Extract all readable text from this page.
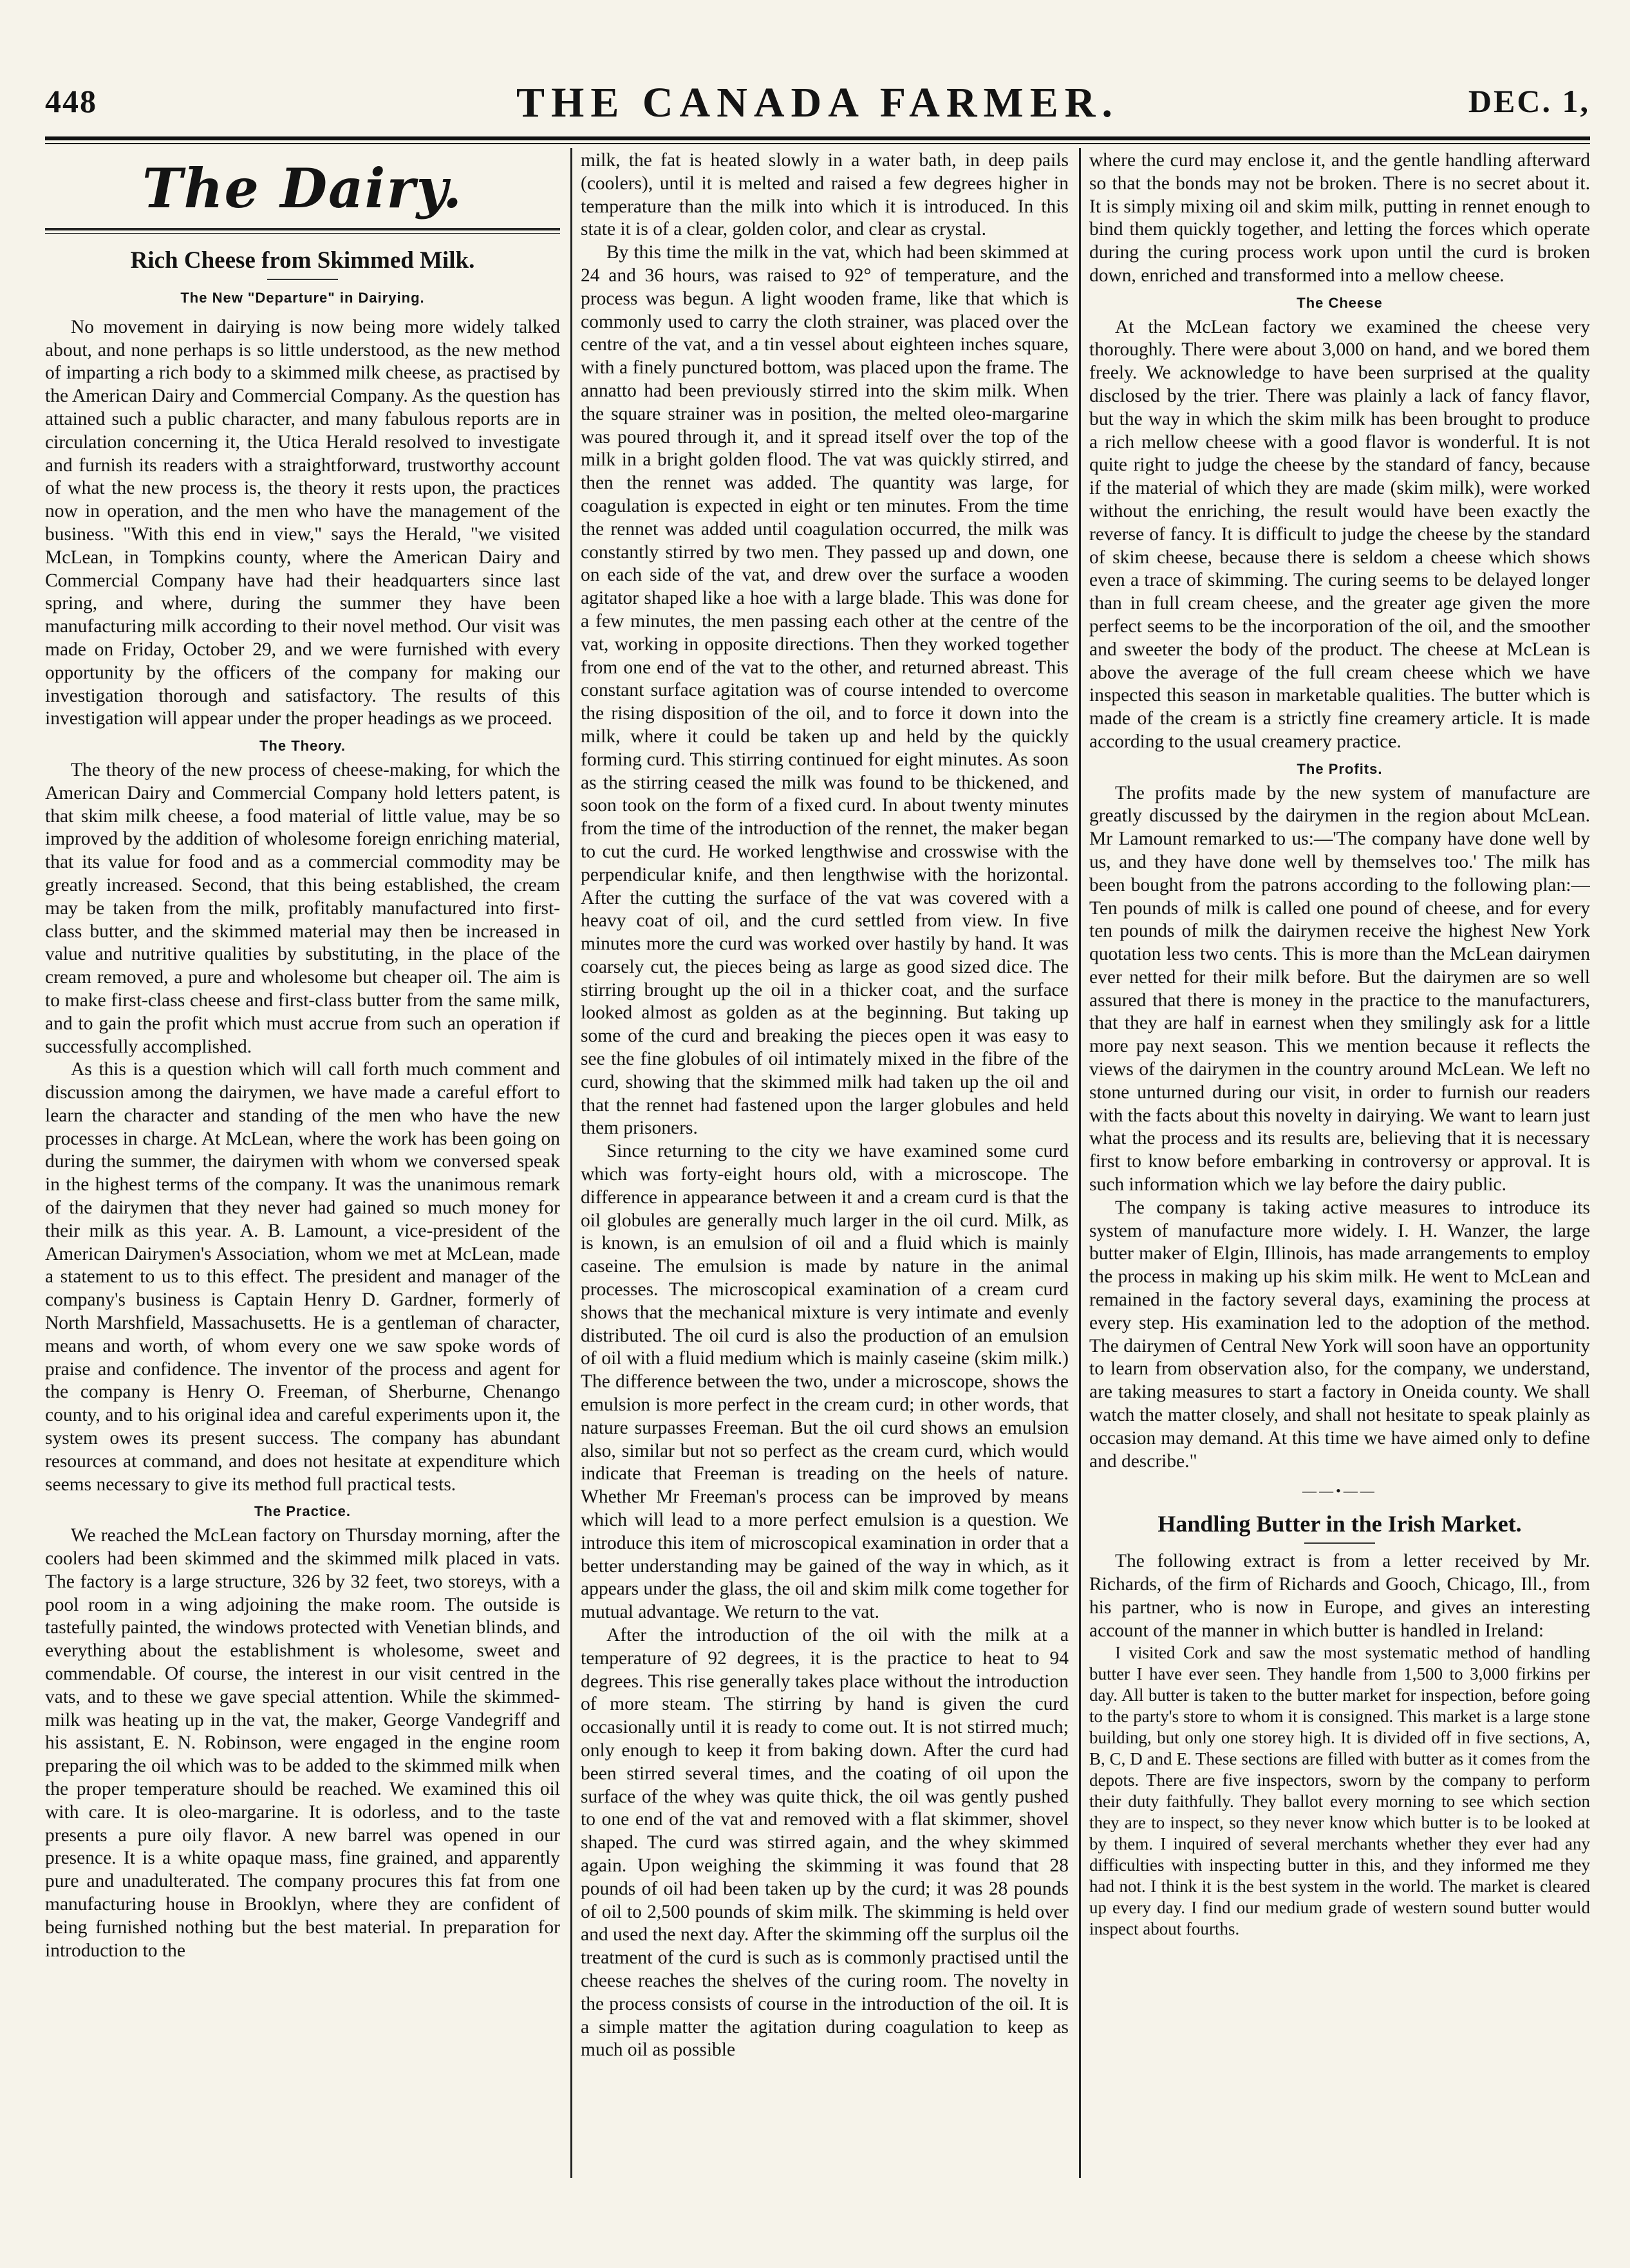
448	THE CANADA FARMER.	DEC. 1,
The Dairy.
Rich Cheese from Skimmed Milk.
The New "Departure" in Dairying.

No movement in dairying is now being more widely talked about, and none perhaps is so little understood, as the new method of imparting a rich body to a skimmed milk cheese, as practised by the American Dairy and Commercial Company. As the question has attained such a public character, and many fabulous reports are in circulation concerning it, the Utica Herald resolved to investigate and furnish its readers with a straightforward, trustworthy account of what the new process is, the theory it rests upon, the practices now in operation, and the men who have the management of the business. "With this end in view," says the Herald, "we visited McLean, in Tompkins county, where the American Dairy and Commercial Company have had their headquarters since last spring, and where, during the summer they have been manufacturing milk according to their novel method. Our visit was made on Friday, October 29, and we were furnished with every opportunity by the officers of the company for making our investigation thorough and satisfactory. The results of this investigation will appear under the proper headings as we proceed.

The Theory.

The theory of the new process of cheese-making, for which the American Dairy and Commercial Company hold letters patent, is that skim milk cheese, a food material of little value, may be so improved by the addition of wholesome foreign enriching material, that its value for food and as a commercial commodity may be greatly increased. Second, that this being established, the cream may be taken from the milk, profitably manufactured into first-class butter, and the skimmed material may then be increased in value and nutritive qualities by substituting, in the place of the cream removed, a pure and wholesome but cheaper oil. The aim is to make first-class cheese and first-class butter from the same milk, and to gain the profit which must accrue from such an operation if successfully accomplished.

As this is a question which will call forth much comment and discussion among the dairymen, we have made a careful effort to learn the character and standing of the men who have the new processes in charge. At McLean, where the work has been going on during the summer, the dairymen with whom we conversed speak in the highest terms of the company. It was the unanimous remark of the dairymen that they never had gained so much money for their milk as this year. A. B. Lamount, a vice-president of the American Dairymen's Association, whom we met at McLean, made a statement to us to this effect. The president and manager of the company's business is Captain Henry D. Gardner, formerly of North Marshfield, Massachusetts. He is a gentleman of character, means and worth, of whom every one we saw spoke words of praise and confidence. The inventor of the process and agent for the company is Henry O. Freeman, of Sherburne, Chenango county, and to his original idea and careful experiments upon it, the system owes its present success. The company has abundant resources at command, and does not hesitate at expenditure which seems necessary to give its method full practical tests.

The Practice.

We reached the McLean factory on Thursday morning, after the coolers had been skimmed and the skimmed milk placed in vats. The factory is a large structure, 326 by 32 feet, two storeys, with a pool room in a wing adjoining the make room. The outside is tastefully painted, the windows protected with Venetian blinds, and everything about the establishment is wholesome, sweet and commendable. Of course, the interest in our visit centred in the vats, and to these we gave special attention. While the skimmed-milk was heating up in the vat, the maker, George Vandegriff and his assistant, E. N. Robinson, were engaged in the engine room preparing the oil which was to be added to the skimmed milk when the proper temperature should be reached. We examined this oil with care. It is oleo-margarine. It is odorless, and to the taste presents a pure oily flavor. A new barrel was opened in our presence. It is a white opaque mass, fine grained, and apparently pure and unadulterated. The company procures this fat from one manufacturing house in Brooklyn, where they are confident of being furnished nothing but the best material. In preparation for introduction to the

milk, the fat is heated slowly in a water bath, in deep pails (coolers), until it is melted and raised a few degrees higher in temperature than the milk into which it is introduced. In this state it is of a clear, golden color, and clear as crystal.

By this time the milk in the vat, which had been skimmed at 24 and 36 hours, was raised to 92° of temperature, and the process was begun. A light wooden frame, like that which is commonly used to carry the cloth strainer, was placed over the centre of the vat, and a tin vessel about eighteen inches square, with a finely punctured bottom, was placed upon the frame. The annatto had been previously stirred into the skim milk. When the square strainer was in position, the melted oleo-margarine was poured through it, and it spread itself over the top of the milk in a bright golden flood. The vat was quickly stirred, and then the rennet was added. The quantity was large, for coagulation is expected in eight or ten minutes. From the time the rennet was added until coagulation occurred, the milk was constantly stirred by two men. They passed up and down, one on each side of the vat, and drew over the surface a wooden agitator shaped like a hoe with a large blade. This was done for a few minutes, the men passing each other at the centre of the vat, working in opposite directions. Then they worked together from one end of the vat to the other, and returned abreast. This constant surface agitation was of course intended to overcome the rising disposition of the oil, and to force it down into the milk, where it could be taken up and held by the quickly forming curd. This stirring continued for eight minutes. As soon as the stirring ceased the milk was found to be thickened, and soon took on the form of a fixed curd. In about twenty minutes from the time of the introduction of the rennet, the maker began to cut the curd. He worked lengthwise and crosswise with the perpendicular knife, and then lengthwise with the horizontal. After the cutting the surface of the vat was covered with a heavy coat of oil, and the curd settled from view. In five minutes more the curd was worked over hastily by hand. It was coarsely cut, the pieces being as large as good sized dice. The stirring brought up the oil in a thicker coat, and the surface looked almost as golden as at the beginning. But taking up some of the curd and breaking the pieces open it was easy to see the fine globules of oil intimately mixed in the fibre of the curd, showing that the skimmed milk had taken up the oil and that the rennet had fastened upon the larger globules and held them prisoners.

Since returning to the city we have examined some curd which was forty-eight hours old, with a microscope. The difference in appearance between it and a cream curd is that the oil globules are generally much larger in the oil curd. Milk, as is known, is an emulsion of oil and a fluid which is mainly caseine. The emulsion is made by nature in the animal processes. The microscopical examination of a cream curd shows that the mechanical mixture is very intimate and evenly distributed. The oil curd is also the production of an emulsion of oil with a fluid medium which is mainly caseine (skim milk.) The difference between the two, under a microscope, shows the emulsion is more perfect in the cream curd; in other words, that nature surpasses Freeman. But the oil curd shows an emulsion also, similar but not so perfect as the cream curd, which would indicate that Freeman is treading on the heels of nature. Whether Mr Freeman's process can be improved by means which will lead to a more perfect emulsion is a question. We introduce this item of microscopical examination in order that a better understanding may be gained of the way in which, as it appears under the glass, the oil and skim milk come together for mutual advantage. We return to the vat.

After the introduction of the oil with the milk at a temperature of 92 degrees, it is the practice to heat to 94 degrees. This rise generally takes place without the introduction of more steam. The stirring by hand is given the curd occasionally until it is ready to come out. It is not stirred much; only enough to keep it from baking down. After the curd had been stirred several times, and the coating of oil upon the surface of the whey was quite thick, the oil was gently pushed to one end of the vat and removed with a flat skimmer, shovel shaped. The curd was stirred again, and the whey skimmed again. Upon weighing the skimming it was found that 28 pounds of oil had been taken up by the curd; it was 28 pounds of oil to 2,500 pounds of skim milk. The skimming is held over and used the next day. After the skimming off the surplus oil the treatment of the curd is such as is commonly practised until the cheese reaches the shelves of the curing room. The novelty in the process consists of course in the introduction of the oil. It is a simple matter the agitation during coagulation to keep as much oil as possible

where the curd may enclose it, and the gentle handling afterward so that the bonds may not be broken. There is no secret about it. It is simply mixing oil and skim milk, putting in rennet enough to bind them quickly together, and letting the forces which operate during the curing process work upon until the curd is broken down, enriched and transformed into a mellow cheese.

The Cheese

At the McLean factory we examined the cheese very thoroughly. There were about 3,000 on hand, and we bored them freely. We acknowledge to have been surprised at the quality disclosed by the trier. There was plainly a lack of fancy flavor, but the way in which the skim milk has been brought to produce a rich mellow cheese with a good flavor is wonderful. It is not quite right to judge the cheese by the standard of fancy, because if the material of which they are made (skim milk), were worked without the enriching, the result would have been exactly the reverse of fancy. It is difficult to judge the cheese by the standard of skim cheese, because there is seldom a cheese which shows even a trace of skimming. The curing seems to be delayed longer than in full cream cheese, and the greater age given the more perfect seems to be the incorporation of the oil, and the smoother and sweeter the body of the product. The cheese at McLean is above the average of the full cream cheese which we have inspected this season in marketable qualities. The butter which is made of the cream is a strictly fine creamery article. It is made according to the usual creamery practice.

The Profits.

The profits made by the new system of manufacture are greatly discussed by the dairymen in the region about McLean. Mr Lamount remarked to us:—'The company have done well by us, and they have done well by themselves too.' The milk has been bought from the patrons according to the following plan:—Ten pounds of milk is called one pound of cheese, and for every ten pounds of milk the dairymen receive the highest New York quotation less two cents. This is more than the McLean dairymen ever netted for their milk before. But the dairymen are so well assured that there is money in the practice to the manufacturers, that they are half in earnest when they smilingly ask for a little more pay next season. This we mention because it reflects the views of the dairymen in the country around McLean. We left no stone unturned during our visit, in order to furnish our readers with the facts about this novelty in dairying. We want to learn just what the process and its results are, believing that it is necessary first to know before embarking in controversy or approval. It is such information which we lay before the dairy public.

The company is taking active measures to introduce its system of manufacture more widely. I. H. Wanzer, the large butter maker of Elgin, Illinois, has made arrangements to employ the process in making up his skim milk. He went to McLean and remained in the factory several days, examining the process at every step. His examination led to the adoption of the method. The dairymen of Central New York will soon have an opportunity to learn from observation also, for the company, we understand, are taking measures to start a factory in Oneida county. We shall watch the matter closely, and shall not hesitate to speak plainly as occasion may demand. At this time we have aimed only to define and describe."

——•——
Handling Butter in the Irish Market.

The following extract is from a letter received by Mr. Richards, of the firm of Richards and Gooch, Chicago, Ill., from his partner, who is now in Europe, and gives an interesting account of the manner in which butter is handled in Ireland:

I visited Cork and saw the most systematic method of handling butter I have ever seen. They handle from 1,500 to 3,000 firkins per day. All butter is taken to the butter market for inspection, before going to the party's store to whom it is consigned. This market is a large stone building, but only one storey high. It is divided off in five sections, A, B, C, D and E. These sections are filled with butter as it comes from the depots. There are five inspectors, sworn by the company to perform their duty faithfully. They ballot every morning to see which section they are to inspect, so they never know which butter is to be looked at by them. I inquired of several merchants whether they ever had any difficulties with inspecting butter in this, and they informed me they had not. I think it is the best system in the world. The market is cleared up every day. I find our medium grade of western sound butter would inspect about fourths.
